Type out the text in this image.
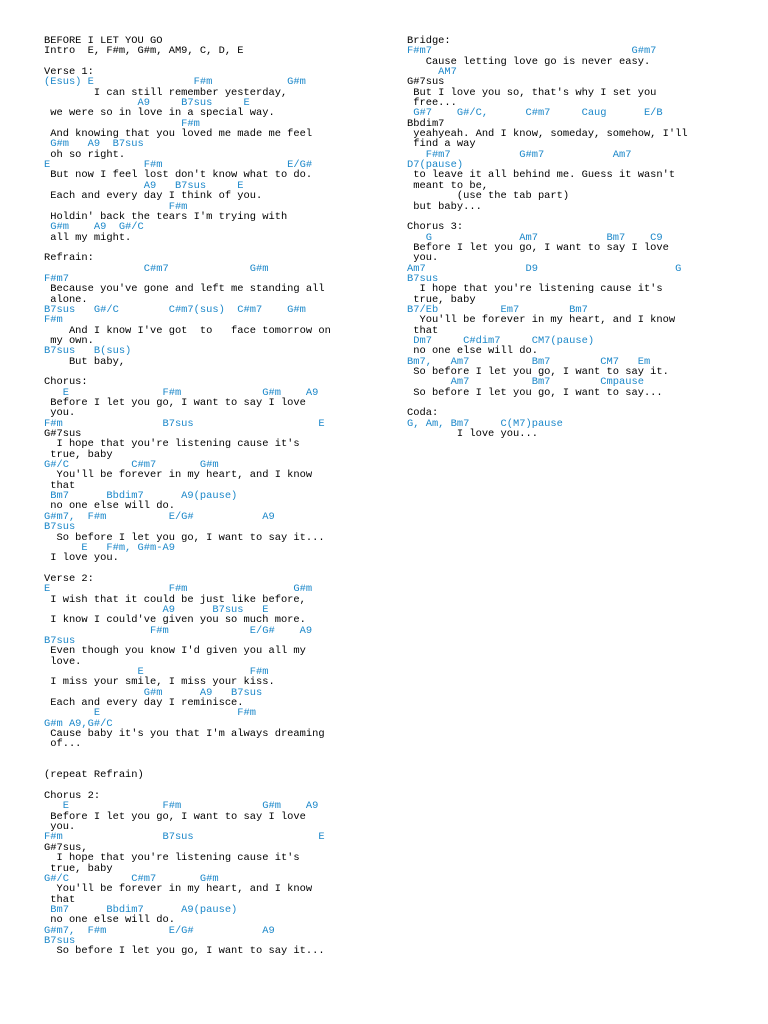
BEFORE I LET YOU GO
Intro  E, F#m, G#m, AM9, C, D, E
Verse 1:
(Esus) E                F#m            G#m
I can still remember yesterday,
A9     B7sus     E
we were so in love in a special way.
F#m
And knowing that you loved me made me feel
G#m   A9  B7sus
oh so right.
E               F#m                    E/G#
But now I feel lost don't know what to do.
A9   B7sus     E
Each and every day I think of you.
F#m
Holdin' back the tears I'm trying with
G#m    A9  G#/C
all my might.
Refrain:
C#m7             G#m
F#m7
Because you've gone and left me standing all
alone.
B7sus   G#/C        C#m7(sus)  C#m7    G#m
F#m
And I know I've got  to   face tomorrow on
my own.
B7sus   B(sus)
But baby,
Chorus:
E               F#m             G#m    A9
Before I let you go, I want to say I love
you.
F#m                B7sus                    E
G#7sus
I hope that you're listening cause it's
true, baby
G#/C          C#m7       G#m
You'll be forever in my heart, and I know
that
Bm7      Bbdim7      A9(pause)
no one else will do.
G#m7,  F#m          E/G#           A9
B7sus
So before I let you go, I want to say it...
E   F#m, G#m-A9
I love you.
Verse 2:
E                   F#m                 G#m
I wish that it could be just like before,
A9      B7sus   E
I know I could've given you so much more.
F#m             E/G#    A9
B7sus
Even though you know I'd given you all my
love.
E                 F#m
I miss your smile, I miss your kiss.
G#m      A9   B7sus
Each and every day I reminisce.
E                      F#m
G#m A9,G#/C
Cause baby it's you that I'm always dreaming
of...
(repeat Refrain)
Chorus 2:
E               F#m             G#m    A9
Before I let you go, I want to say I love
you.
F#m                B7sus                    E
G#7sus,
I hope that you're listening cause it's
true, baby
G#/C          C#m7       G#m
You'll be forever in my heart, and I know
that
Bm7      Bbdim7      A9(pause)
no one else will do.
G#m7,  F#m          E/G#           A9
B7sus
So before I let you go, I want to say it...
Bridge:
F#m7                                G#m7
Cause letting love go is never easy.
AM7
G#7sus
But I love you so, that's why I set you
free...
G#7    G#/C,      C#m7     Caug      E/B
Bbdim7
yeahyeah. And I know, someday, somehow, I'll
find a way
F#m7           G#m7           Am7
D7(pause)
to leave it all behind me. Guess it wasn't
meant to be,
(use the tab part)
but baby...
Chorus 3:
G              Am7           Bm7    C9
Before I let you go, I want to say I love
you.
Am7                D9                      G
B7sus
I hope that you're listening cause it's
true, baby
B7/Eb          Em7        Bm7
You'll be forever in my heart, and I know
that
Dm7     C#dim7     CM7(pause)
no one else will do.
Bm7,   Am7          Bm7        CM7   Em
So before I let you go, I want to say it.
Am7          Bm7        Cmpause
So before I let you go, I want to say...
Coda:
G, Am, Bm7     C(M7)pause
I love you...
